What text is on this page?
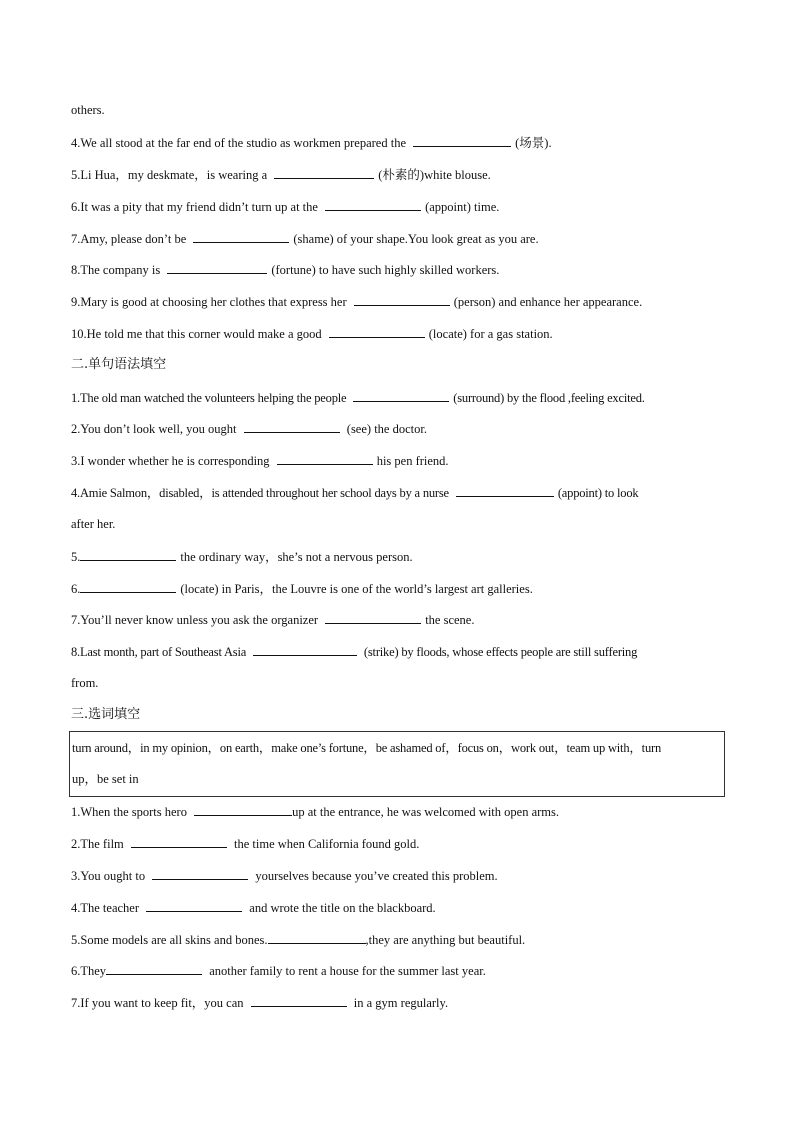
others.
4.We all stood at the far end of the studio as workmen prepared the	(场景).
5.Li Hua，my deskmate，is wearing a	(朴素的)white blouse.
6.It was a pity that my friend didn’t turn up at the	(appoint) time.
7.Amy, please don’t be	(shame) of your shape.You look great as you are.
8.The company is	(fortune) to have such highly skilled workers.
9.Mary is good at choosing her clothes that express her	(person) and enhance her appearance.
10.He told me that this corner would make a good	(locate) for a gas station.
二.单句语法填空
1.The old man watched the volunteers helping the people	(surround) by the flood ,feeling excited.
2.You don’t look well, you ought	(see) the doctor.
3.I wonder whether he is corresponding	his pen friend.
4.Amie Salmon，disabled，is attended throughout her school days by a nurse	(appoint) to look
after her.
5.	the ordinary way，she’s not a nervous person.
6.	(locate) in Paris，the Louvre is one of the world’s largest art galleries.
7.You’ll never know unless you ask the organizer	the scene.
8.Last month, part of Southeast Asia	(strike) by floods, whose effects people are still suffering
from.
三.选词填空
turn around，in my opinion，on earth，make one’s fortune，be ashamed of，focus on，work out，team up with，turn
up，be set in
1.When the sports hero	up at the entrance, he was welcomed with open arms.
2.The film	the time when California found gold.
3.You ought to	yourselves because you’ve created this problem.
4.The teacher	and wrote the title on the blackboard.
5.Some models are all skins and bones.	,they are anything but beautiful.
6.They	another family to rent a house for the summer last year.
7.If you want to keep fit，you can	in a gym regularly.
